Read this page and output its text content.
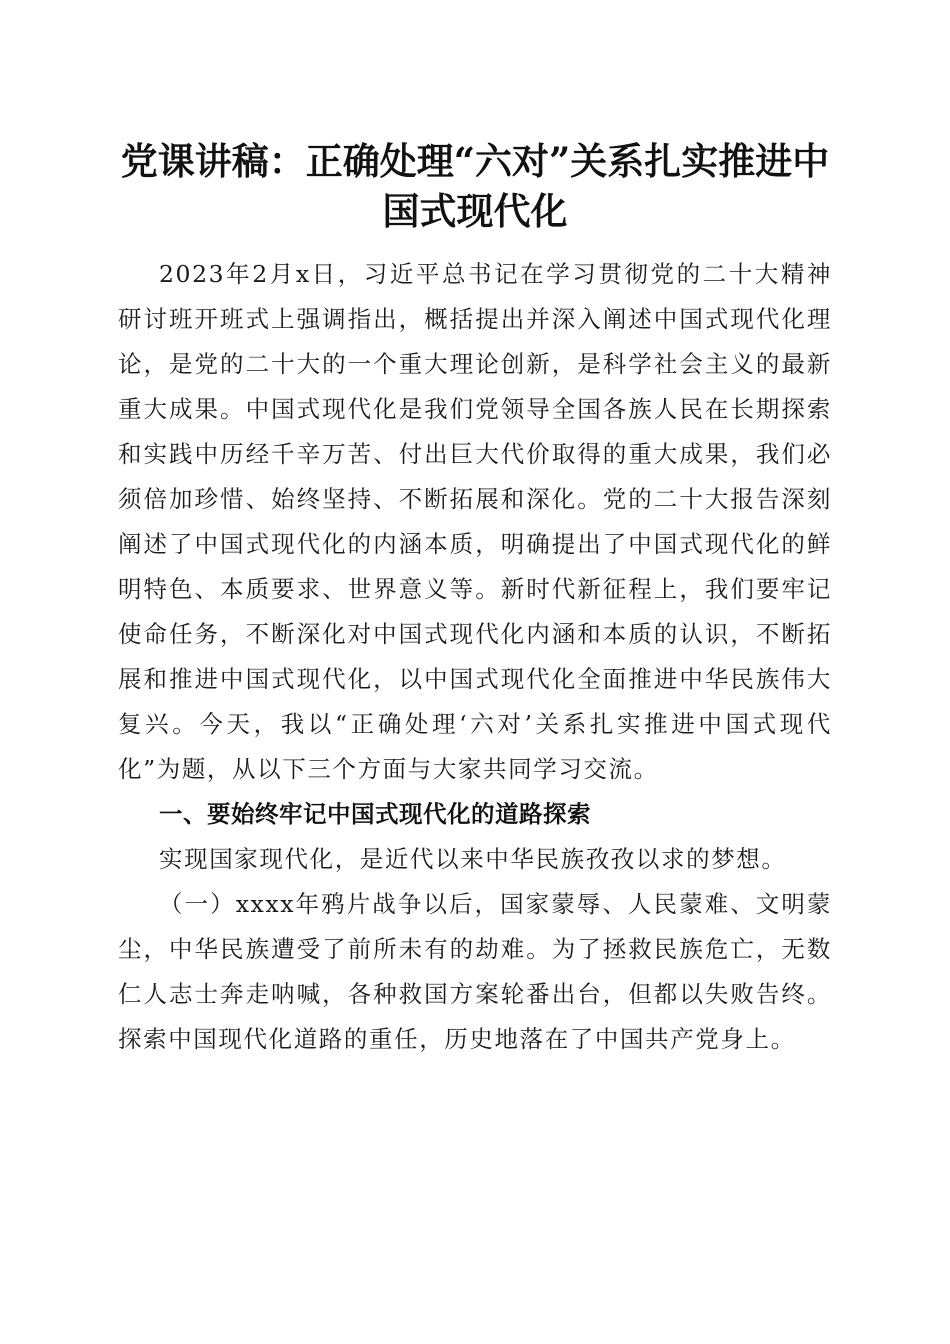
党课讲稿：正确处理“六对”关系扎实推进中
国式现代化

2023年2月x日，习近平总书记在学习贯彻党的二十大精神研讨班开班式上强调指出，概括提出并深入阐述中国式现代化理论，是党的二十大的一个重大理论创新，是科学社会主义的最新重大成果。中国式现代化是我们党领导全国各族人民在长期探索和实践中历经千辛万苦、付出巨大代价取得的重大成果，我们必须倍加珍惜、始终坚持、不断拓展和深化。党的二十大报告深刻阐述了中国式现代化的内涵本质，明确提出了中国式现代化的鲜明特色、本质要求、世界意义等。新时代新征程上，我们要牢记使命任务，不断深化对中国式现代化内涵和本质的认识，不断拓展和推进中国式现代化，以中国式现代化全面推进中华民族伟大复兴。今天，我以“正确处理‘六对’关系扎实推进中国式现代化”为题，从以下三个方面与大家共同学习交流。

一、要始终牢记中国式现代化的道路探索

实现国家现代化，是近代以来中华民族孜孜以求的梦想。

（一）xxxx年鸦片战争以后，国家蒙辱、人民蒙难、文明蒙尘，中华民族遭受了前所未有的劫难。为了拯救民族危亡，无数仁人志士奔走呐喊，各种救国方案轮番出台，但都以失败告终。探索中国现代化道路的重任，历史地落在了中国共产党身上。
